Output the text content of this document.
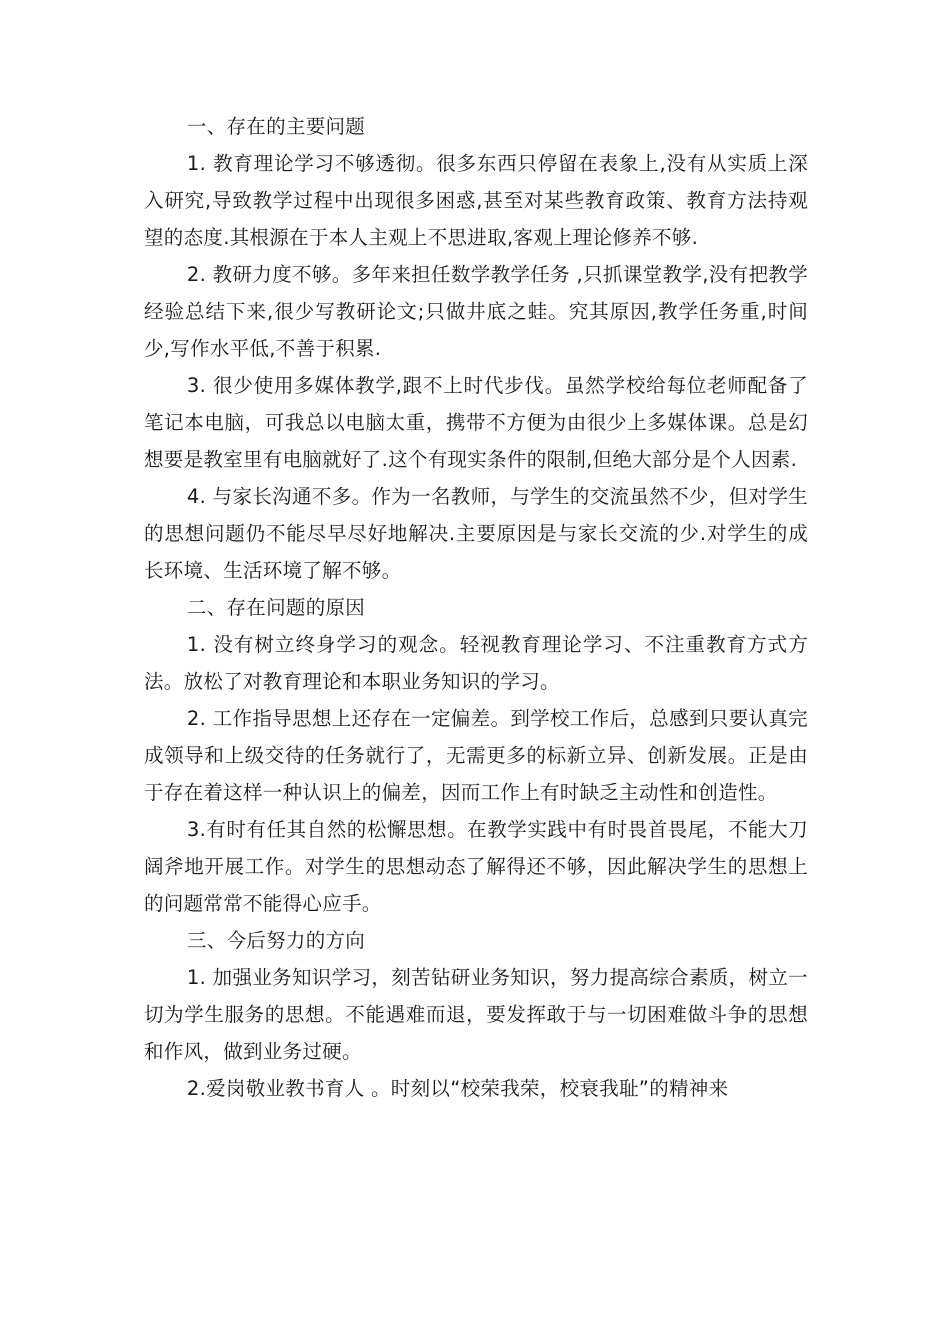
一、存在的主要问题

1. 教育理论学习不够透彻。很多东西只停留在表象上,没有从实质上深入研究,导致教学过程中出现很多困惑,甚至对某些教育政策、教育方法持观望的态度.其根源在于本人主观上不思进取,客观上理论修养不够.

2. 教研力度不够。多年来担任数学教学任务 ,只抓课堂教学,没有把教学经验总结下来,很少写教研论文;只做井底之蛙。究其原因,教学任务重,时间少,写作水平低,不善于积累.

3. 很少使用多媒体教学,跟不上时代步伐。虽然学校给每位老师配备了笔记本电脑，可我总以电脑太重，携带不方便为由很少上多媒体课。总是幻想要是教室里有电脑就好了.这个有现实条件的限制,但绝大部分是个人因素.

4. 与家长沟通不多。作为一名教师，与学生的交流虽然不少，但对学生的思想问题仍不能尽早尽好地解决.主要原因是与家长交流的少.对学生的成长环境、生活环境了解不够。

二、存在问题的原因

1. 没有树立终身学习的观念。轻视教育理论学习、不注重教育方式方法。放松了对教育理论和本职业务知识的学习。

2. 工作指导思想上还存在一定偏差。到学校工作后，总感到只要认真完成领导和上级交待的任务就行了，无需更多的标新立异、创新发展。正是由于存在着这样一种认识上的偏差，因而工作上有时缺乏主动性和创造性。

3.有时有任其自然的松懈思想。在教学实践中有时畏首畏尾，不能大刀阔斧地开展工作。对学生的思想动态了解得还不够，因此解决学生的思想上的问题常常不能得心应手。

三、今后努力的方向

1. 加强业务知识学习，刻苦钻研业务知识，努力提高综合素质，树立一切为学生服务的思想。不能遇难而退，要发挥敢于与一切困难做斗争的思想和作风，做到业务过硬。

2.爱岗敬业教书育人 。时刻以“校荣我荣，校衰我耻”的精神来
